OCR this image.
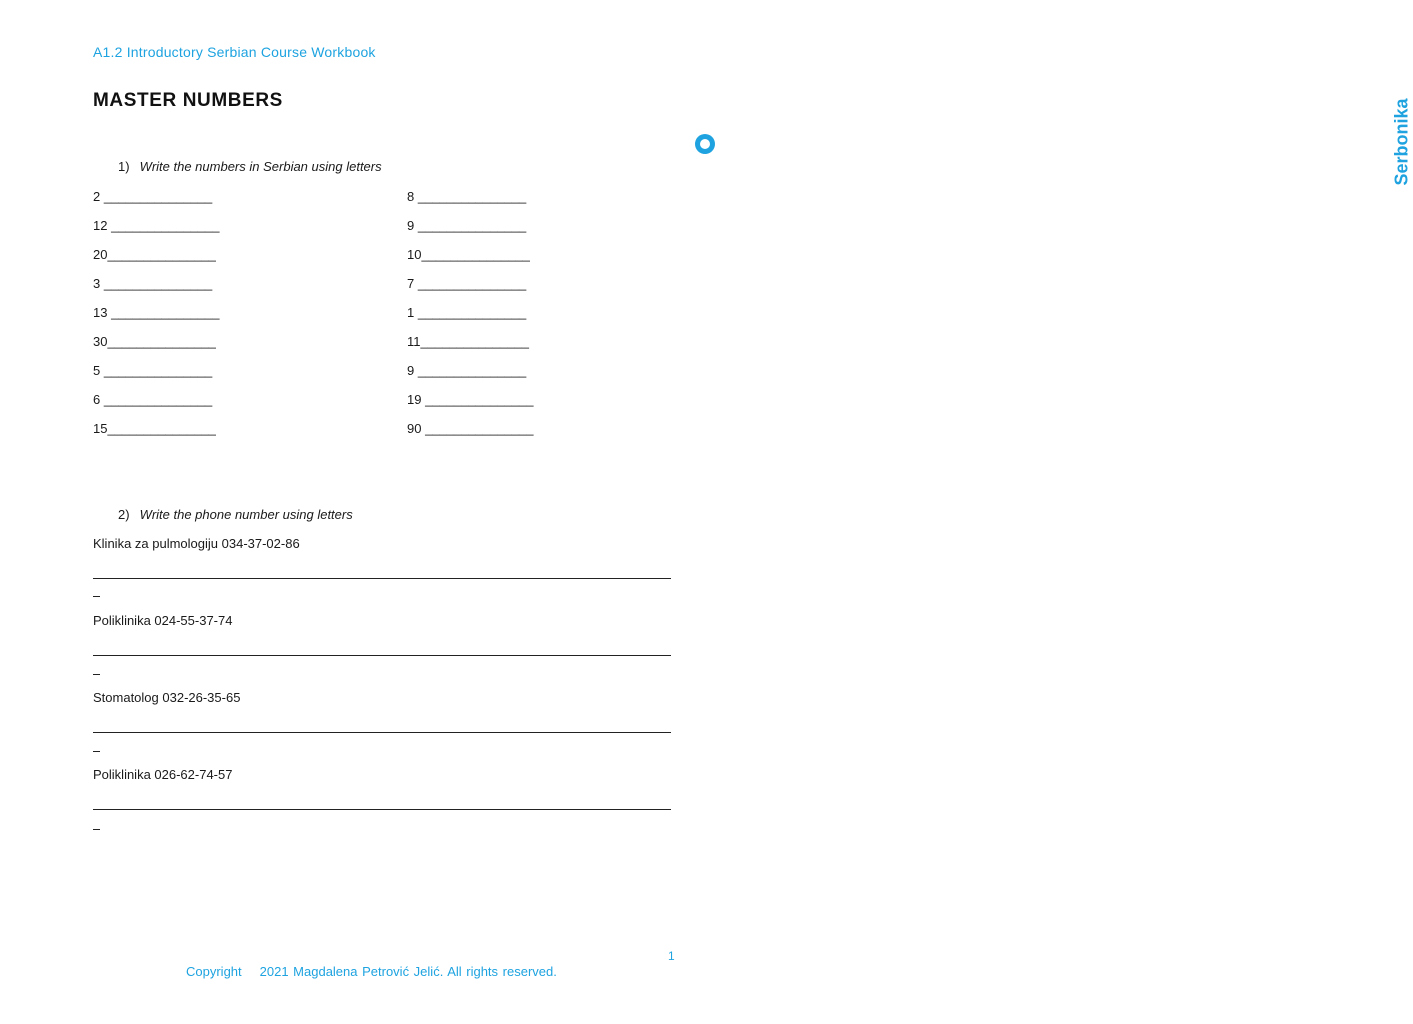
A1.2 Introductory Serbian Course Workbook
Serbonika
MASTER NUMBERS
1) Write the numbers in Serbian using letters
2 _______________
12 _______________
20_______________
3 _______________
13 _______________
30_______________
5 _______________
6 _______________
15_______________
8 _______________
9 _______________
10_______________
7 _______________
1 _______________
11_______________
9 _______________
19 _______________
90 _______________
2) Write the phone number using letters
Klinika za pulmologiju 034-37-02-86
Poliklinika 024-55-37-74
Stomatolog 032-26-35-65
Poliklinika 026-62-74-57
1
Copyright 2021 Magdalena Petrović Jelić. All rights reserved.
